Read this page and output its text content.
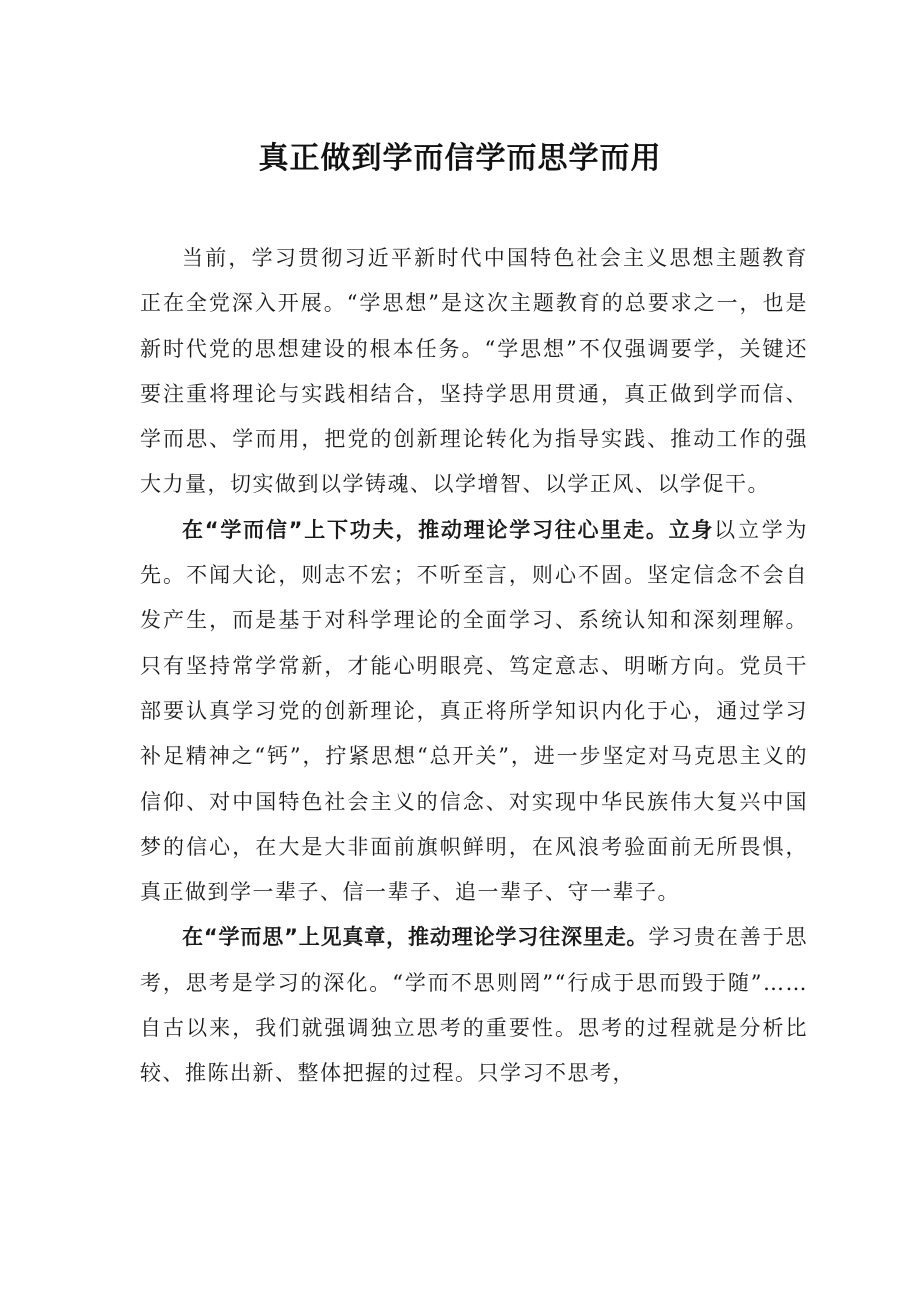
真正做到学而信学而思学而用

当前，学习贯彻习近平新时代中国特色社会主义思想主题教育正在全党深入开展。“学思想”是这次主题教育的总要求之一，也是新时代党的思想建设的根本任务。“学思想”不仅强调要学，关键还要注重将理论与实践相结合，坚持学思用贯通，真正做到学而信、学而思、学而用，把党的创新理论转化为指导实践、推动工作的强大力量，切实做到以学铸魂、以学增智、以学正风、以学促干。

在“学而信”上下功夫，推动理论学习往心里走。立身以立学为先。不闻大论，则志不宏；不听至言，则心不固。坚定信念不会自发产生，而是基于对科学理论的全面学习、系统认知和深刻理解。只有坚持常学常新，才能心明眼亮、笃定意志、明晰方向。党员干部要认真学习党的创新理论，真正将所学知识内化于心，通过学习补足精神之“钙”，拧紧思想“总开关”，进一步坚定对马克思主义的信仰、对中国特色社会主义的信念、对实现中华民族伟大复兴中国梦的信心，在大是大非面前旗帜鲜明，在风浪考验面前无所畏惧，真正做到学一辈子、信一辈子、追一辈子、守一辈子。

在“学而思”上见真章，推动理论学习往深里走。学习贵在善于思考，思考是学习的深化。“学而不思则罔”“行成于思而毁于随”……自古以来，我们就强调独立思考的重要性。思考的过程就是分析比较、推陈出新、整体把握的过程。只学习不思考，
